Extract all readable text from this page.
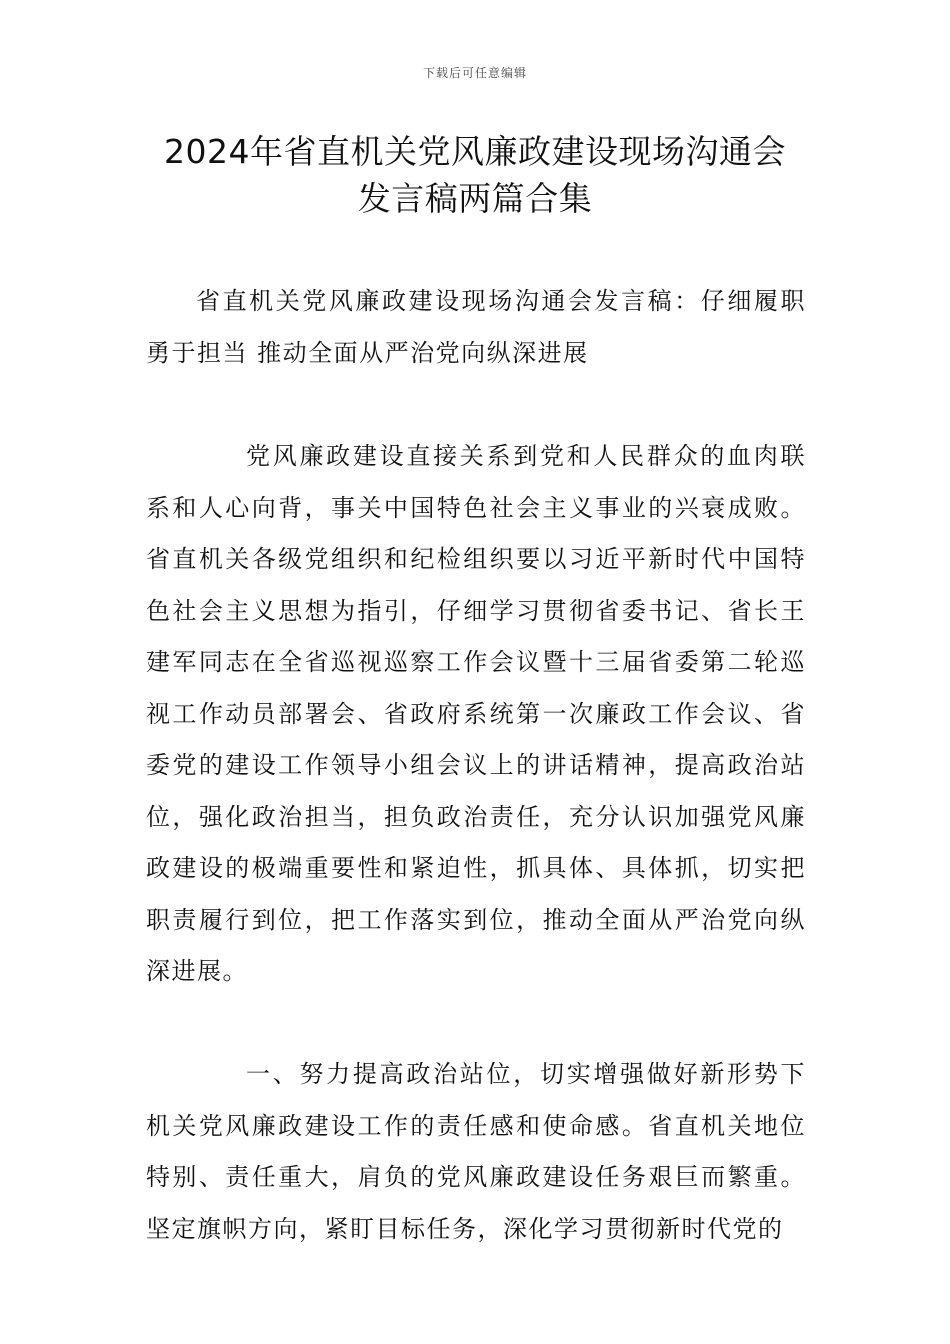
下载后可任意编辑
2024年省直机关党风廉政建设现场沟通会
发言稿两篇合集

省直机关党风廉政建设现场沟通会发言稿：仔细履职勇于担当 推动全面从严治党向纵深进展

党风廉政建设直接关系到党和人民群众的血肉联系和人心向背，事关中国特色社会主义事业的兴衰成败。省直机关各级党组织和纪检组织要以习近平新时代中国特色社会主义思想为指引，仔细学习贯彻省委书记、省长王建军同志在全省巡视巡察工作会议暨十三届省委第二轮巡视工作动员部署会、省政府系统第一次廉政工作会议、省委党的建设工作领导小组会议上的讲话精神，提高政治站位，强化政治担当，担负政治责任，充分认识加强党风廉政建设的极端重要性和紧迫性，抓具体、具体抓，切实把职责履行到位，把工作落实到位，推动全面从严治党向纵深进展。

一、努力提高政治站位，切实增强做好新形势下机关党风廉政建设工作的责任感和使命感。省直机关地位特别、责任重大，肩负的党风廉政建设任务艰巨而繁重。坚定旗帜方向，紧盯目标任务，深化学习贯彻新时代党的
